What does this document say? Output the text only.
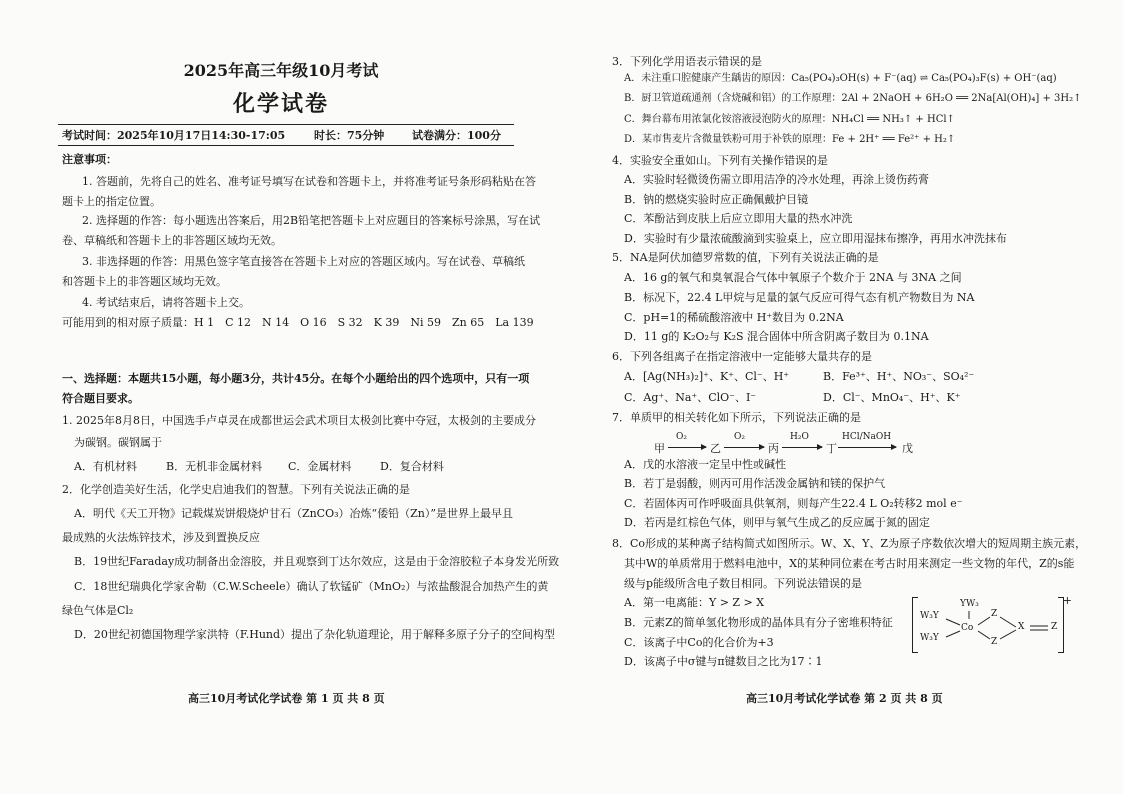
2025年高三年级10月考试
化学试卷
考试时间：2025年10月17日14:30-17:05	时长：75分钟	试卷满分：100分
注意事项：
1. 答题前，先将自己的姓名、准考证号填写在试卷和答题卡上，并将准考证号条形码粘贴在答
题卡上的指定位置。
2. 选择题的作答：每小题选出答案后，用2B铅笔把答题卡上对应题目的答案标号涂黑，写在试
卷、草稿纸和答题卡上的非答题区域均无效。
3. 非选择题的作答：用黑色签字笔直接答在答题卡上对应的答题区域内。写在试卷、草稿纸
和答题卡上的非答题区域均无效。
4. 考试结束后，请将答题卡上交。
可能用到的相对原子质量：H 1　C 12　N 14　O 16　S 32　K 39　Ni 59　Zn 65　La 139
一、选择题：本题共15小题，每小题3分，共计45分。在每个小题给出的四个选项中，只有一项
符合题目要求。
1. 2025年8月8日，中国选手卢卓灵在成都世运会武术项目太极剑比赛中夺冠，太极剑的主要成分
为碳钢。碳钢属于
A．有机材料	B．无机非金属材料 C．金属材料	D．复合材料
2．化学创造美好生活，化学史启迪我们的智慧。下列有关说法正确的是
A．明代《天工开物》记载煤炭饼煅烧炉甘石（ZnCO₃）冶炼“倭铅（Zn）”是世界上最早且
最成熟的火法炼锌技术，涉及到置换反应
B．19世纪Faraday成功制备出金溶胶，并且观察到丁达尔效应，这是由于金溶胶粒子本身发光所致
C．18世纪瑞典化学家舍勒（C.W.Scheele）确认了软锰矿（MnO₂）与浓盐酸混合加热产生的黄
绿色气体是Cl₂
D．20世纪初德国物理学家洪特（F.Hund）提出了杂化轨道理论，用于解释多原子分子的空间构型
高三10月考试化学试卷 第 1 页 共 8 页
3．下列化学用语表示错误的是
A．未注重口腔健康产生龋齿的原因：Ca₅(PO₄)₃OH(s) + F⁻(aq) ⇌ Ca₅(PO₄)₃F(s) + OH⁻(aq)
B．厨卫管道疏通剂（含烧碱和铝）的工作原理：2Al + 2NaOH + 6H₂O ══ 2Na[Al(OH)₄] + 3H₂↑
C．舞台幕布用浓氯化铵溶液浸泡防火的原理：NH₄Cl ══ NH₃↑ + HCl↑
D．某市售麦片含微量铁粉可用于补铁的原理：Fe + 2H⁺ ══ Fe²⁺ + H₂↑
4．实验安全重如山。下列有关操作错误的是
A．实验时轻微烫伤需立即用洁净的冷水处理，再涂上烫伤药膏
B．钠的燃烧实验时应正确佩戴护目镜
C．苯酚沾到皮肤上后应立即用大量的热水冲洗
D．实验时有少量浓硫酸滴到实验桌上，应立即用湿抹布擦净，再用水冲洗抹布
5．NA是阿伏加德罗常数的值，下列有关说法正确的是
A．16 g的氧气和臭氧混合气体中氧原子个数介于 2NA 与 3NA 之间
B．标况下，22.4 L甲烷与足量的氯气反应可得气态有机产物数目为 NA
C．pH=1的稀硫酸溶液中 H⁺数目为 0.2NA
D．11 g的 K₂O₂与 K₂S 混合固体中所含阴离子数目为 0.1NA
6．下列各组离子在指定溶液中一定能够大量共存的是
A．[Ag(NH₃)₂]⁺、K⁺、Cl⁻、H⁺	B．Fe³⁺、H⁺、NO₃⁻、SO₄²⁻
C．Ag⁺、Na⁺、ClO⁻、I⁻	D．Cl⁻、MnO₄⁻、H⁺、K⁺
7．单质甲的相关转化如下所示，下列说法正确的是
甲
O₂
乙
O₂
丙
H₂O
丁
HCl/NaOH
戊
A．戊的水溶液一定呈中性或碱性
B．若丁是弱酸，则丙可用作活泼金属钠和镁的保护气
C．若固体丙可作呼吸面具供氧剂，则每产生22.4 L O₂转移2 mol e⁻
D．若丙是红棕色气体，则甲与氧气生成乙的反应属于氮的固定
8．Co形成的某种离子结构简式如图所示。W、X、Y、Z为原子序数依次增大的短周期主族元素，
其中W的单质常用于燃料电池中，X的某种同位素在考古时用来测定一些文物的年代，Z的s能
级与p能级所含电子数目相同。下列说法错误的是
A．第一电离能：Y > Z > X
B．元素Z的简单氢化物形成的晶体具有分子密堆积特征
C．该离子中Co的化合价为+3
D．该离子中σ键与π键数目之比为17∶1
+
YW₃
W₃Y
W₃Y
Co
Z
Z
X	Z
高三10月考试化学试卷 第 2 页 共 8 页
